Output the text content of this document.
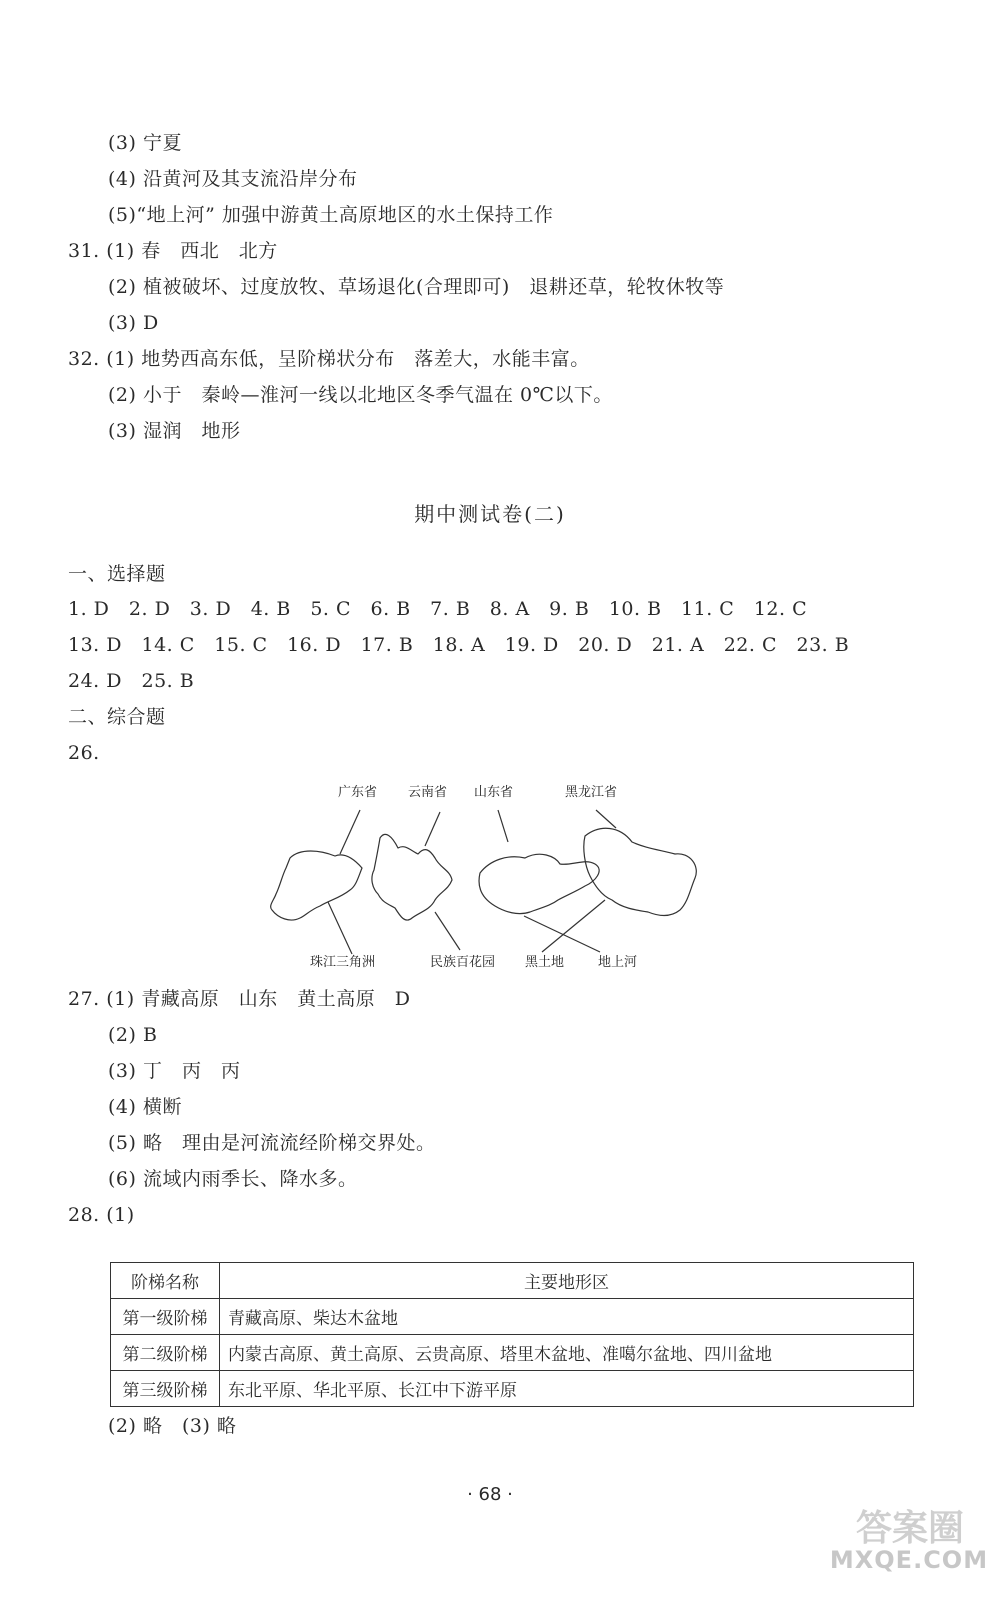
(3) 宁夏
(4) 沿黄河及其支流沿岸分布
(5)“地上河” 加强中游黄土高原地区的水土保持工作
31. (1) 春　西北　北方
(2) 植被破坏、过度放牧、草场退化(合理即可)　退耕还草，轮牧休牧等
(3) D
32. (1) 地势西高东低，呈阶梯状分布　落差大，水能丰富。
(2) 小于　秦岭—淮河一线以北地区冬季气温在 0℃以下。
(3) 湿润　地形
期中测试卷(二)
一、选择题
1. D　2. D　3. D　4. B　5. C　6. B　7. B　8. A　9. B　10. B　11. C　12. C
13. D　14. C　15. C　16. D　17. B　18. A　19. D　20. D　21. A　22. C　23. B
24. D　25. B
二、综合题
26.
广东省 云南省 山东省	黑龙江省
珠江三角洲	民族百花园 黑土地	地上河
27. (1) 青藏高原　山东　黄土高原　D
(2) B
(3) 丁　丙　丙
(4) 横断
(5) 略　理由是河流流经阶梯交界处。
(6) 流域内雨季长、降水多。
28. (1)
阶梯名称	主要地形区
第一级阶梯	青藏高原、柴达木盆地
第二级阶梯	内蒙古高原、黄土高原、云贵高原、塔里木盆地、准噶尔盆地、四川盆地
第三级阶梯	东北平原、华北平原、长江中下游平原
(2) 略　(3) 略
· 68 ·
答案圈
MXQE.COM
